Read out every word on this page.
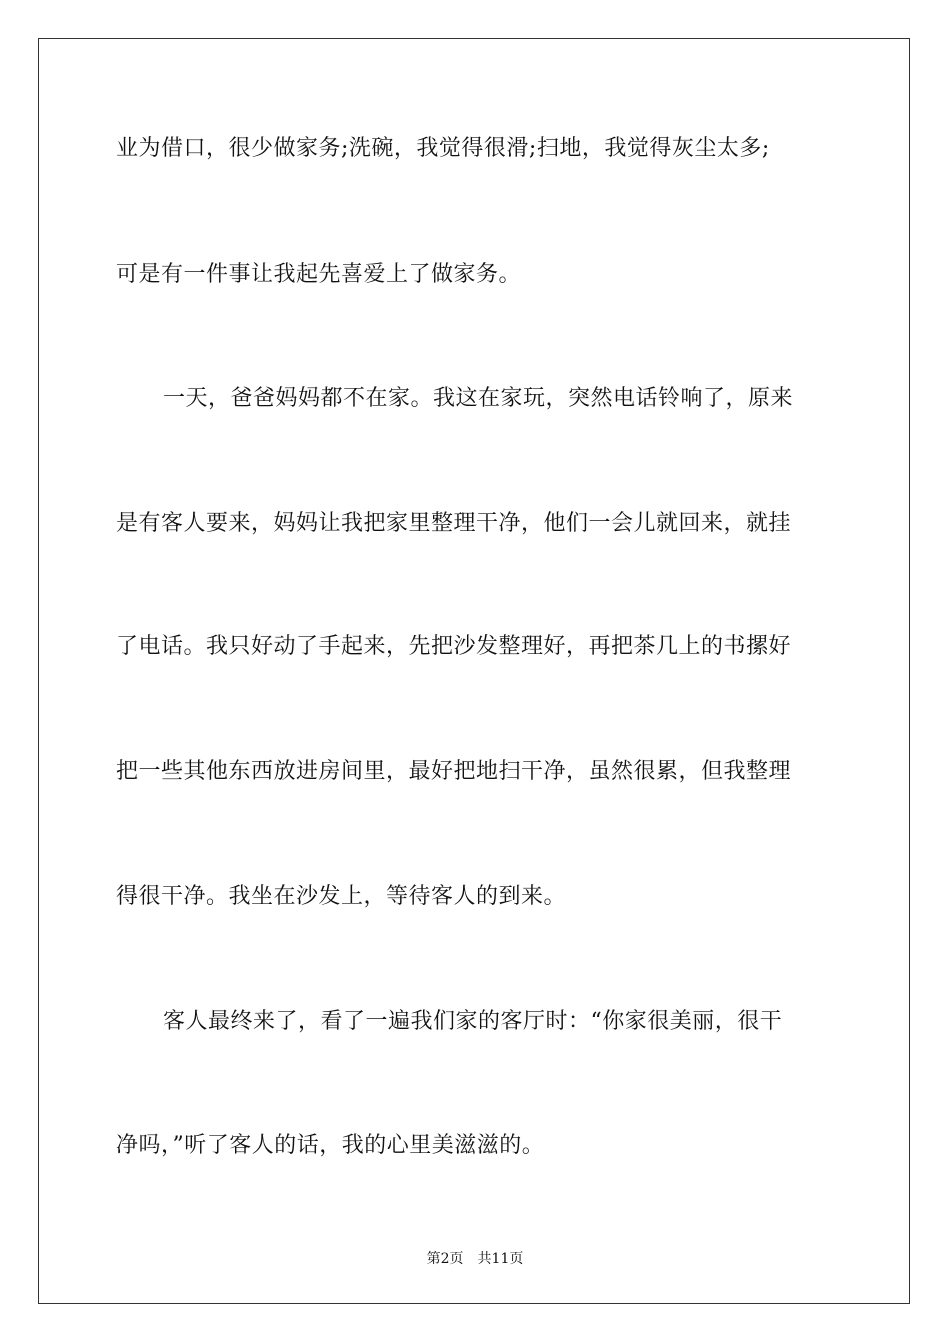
业为借口，很少做家务;洗碗，我觉得很滑;扫地，我觉得灰尘太多;

可是有一件事让我起先喜爱上了做家务。

一天，爸爸妈妈都不在家。我这在家玩，突然电话铃响了，原来

是有客人要来，妈妈让我把家里整理干净，他们一会儿就回来，就挂

了电话。我只好动了手起来，先把沙发整理好，再把茶几上的书摞好

把一些其他东西放进房间里，最好把地扫干净，虽然很累，但我整理

得很干净。我坐在沙发上，等待客人的到来。

客人最终来了，看了一遍我们家的客厅时：“你家很美丽，很干

净吗，”听了客人的话，我的心里美滋滋的。

第2页 共11页
